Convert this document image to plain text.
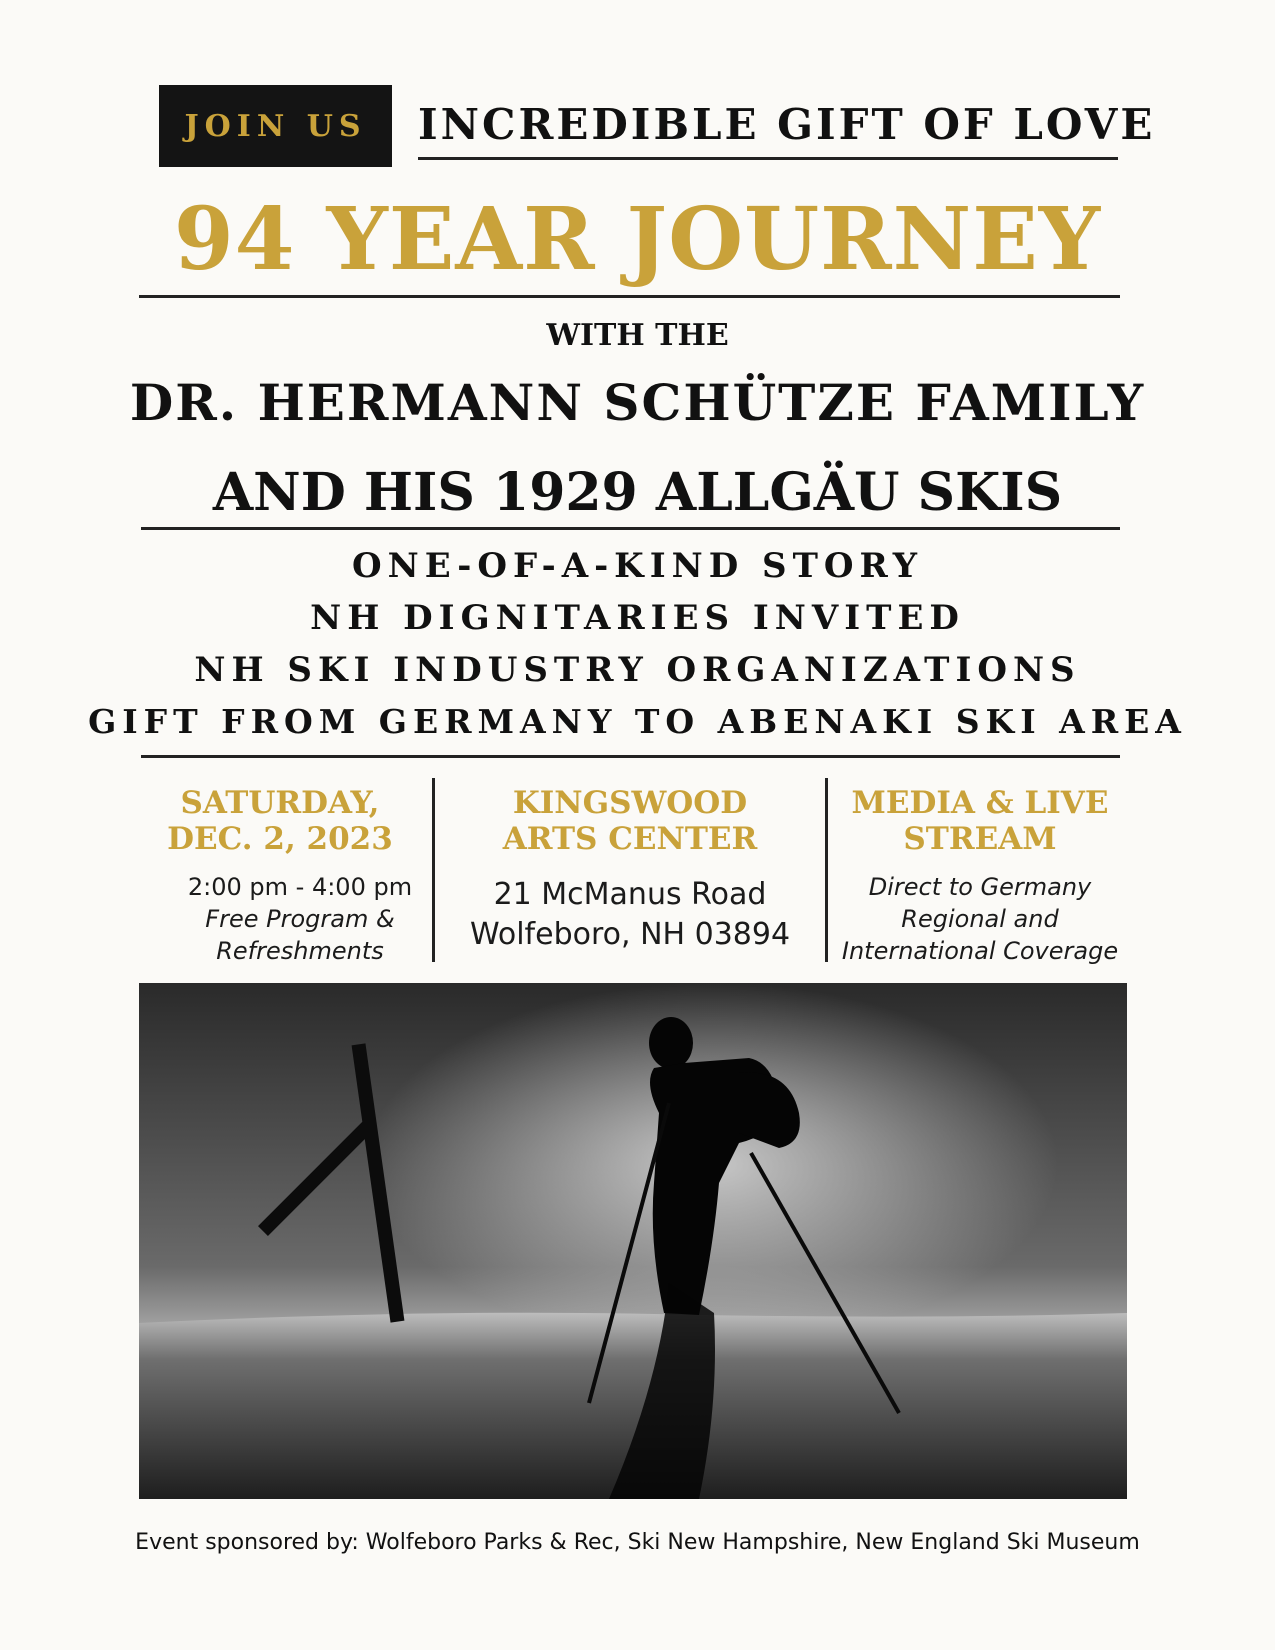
JOIN US INCREDIBLE GIFT OF LOVE
94 YEAR JOURNEY
WITH THE
DR. HERMANN SCHÜTZE FAMILY
AND HIS 1929 ALLGÄU SKIS
ONE-OF-A-KIND STORY
NH DIGNITARIES INVITED
NH SKI INDUSTRY ORGANIZATIONS
GIFT FROM GERMANY TO ABENAKI SKI AREA
SATURDAY,
DEC. 2, 2023
2:00 pm - 4:00 pm
Free Program &
Refreshments
KINGSWOOD
ARTS CENTER
21 McManus Road
Wolfeboro, NH 03894
MEDIA & LIVE
STREAM
Direct to Germany
Regional and
International Coverage
Event sponsored by: Wolfeboro Parks & Rec, Ski New Hampshire, New England Ski Museum
